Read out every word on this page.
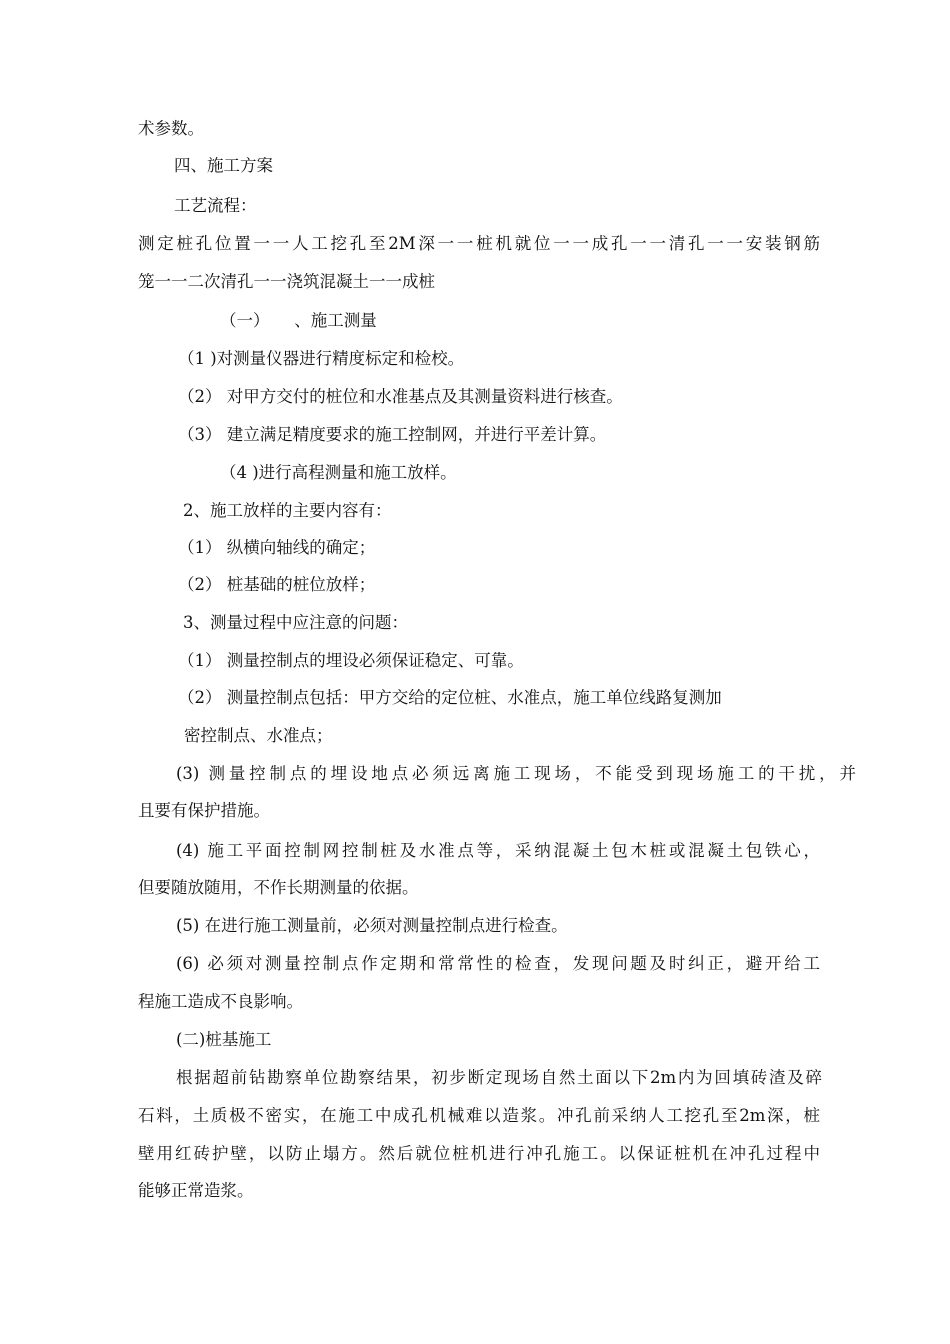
术参数。
四、施工方案
工艺流程：
测定桩孔位置一一人工挖孔至2M深一一桩机就位一一成孔一一清孔一一安装钢筋
笼一一二次清孔一一浇筑混凝土一一成桩
（一）　　、施工测量
（1 )对测量仪器进行精度标定和检校。
（2） 对甲方交付的桩位和水准基点及其测量资料进行核查。
（3） 建立满足精度要求的施工控制网，并进行平差计算。
（4 )进行高程测量和施工放样。
2、施工放样的主要内容有：
（1） 纵横向轴线的确定；
（2） 桩基础的桩位放样；
3、测量过程中应注意的问题：
（1） 测量控制点的埋设必须保证稳定、可靠。
（2） 测量控制点包括：甲方交给的定位桩、水准点，施工单位线路复测加
密控制点、水准点；
(3) 测量控制点的埋设地点必须远离施工现场，不能受到现场施工的干扰，并
且要有保护措施。
(4) 施工平面控制网控制桩及水准点等，采纳混凝土包木桩或混凝土包铁心，
但要随放随用，不作长期测量的依据。
(5) 在进行施工测量前，必须对测量控制点进行检查。
(6) 必须对测量控制点作定期和常常性的检查，发现问题及时纠正，避开给工
程施工造成不良影响。
(二)桩基施工
根据超前钻勘察单位勘察结果，初步断定现场自然土面以下2m内为回填砖渣及碎
石料，土质极不密实，在施工中成孔机械难以造浆。冲孔前采纳人工挖孔至2m深，桩
壁用红砖护壁，以防止塌方。然后就位桩机进行冲孔施工。以保证桩机在冲孔过程中
能够正常造浆。
